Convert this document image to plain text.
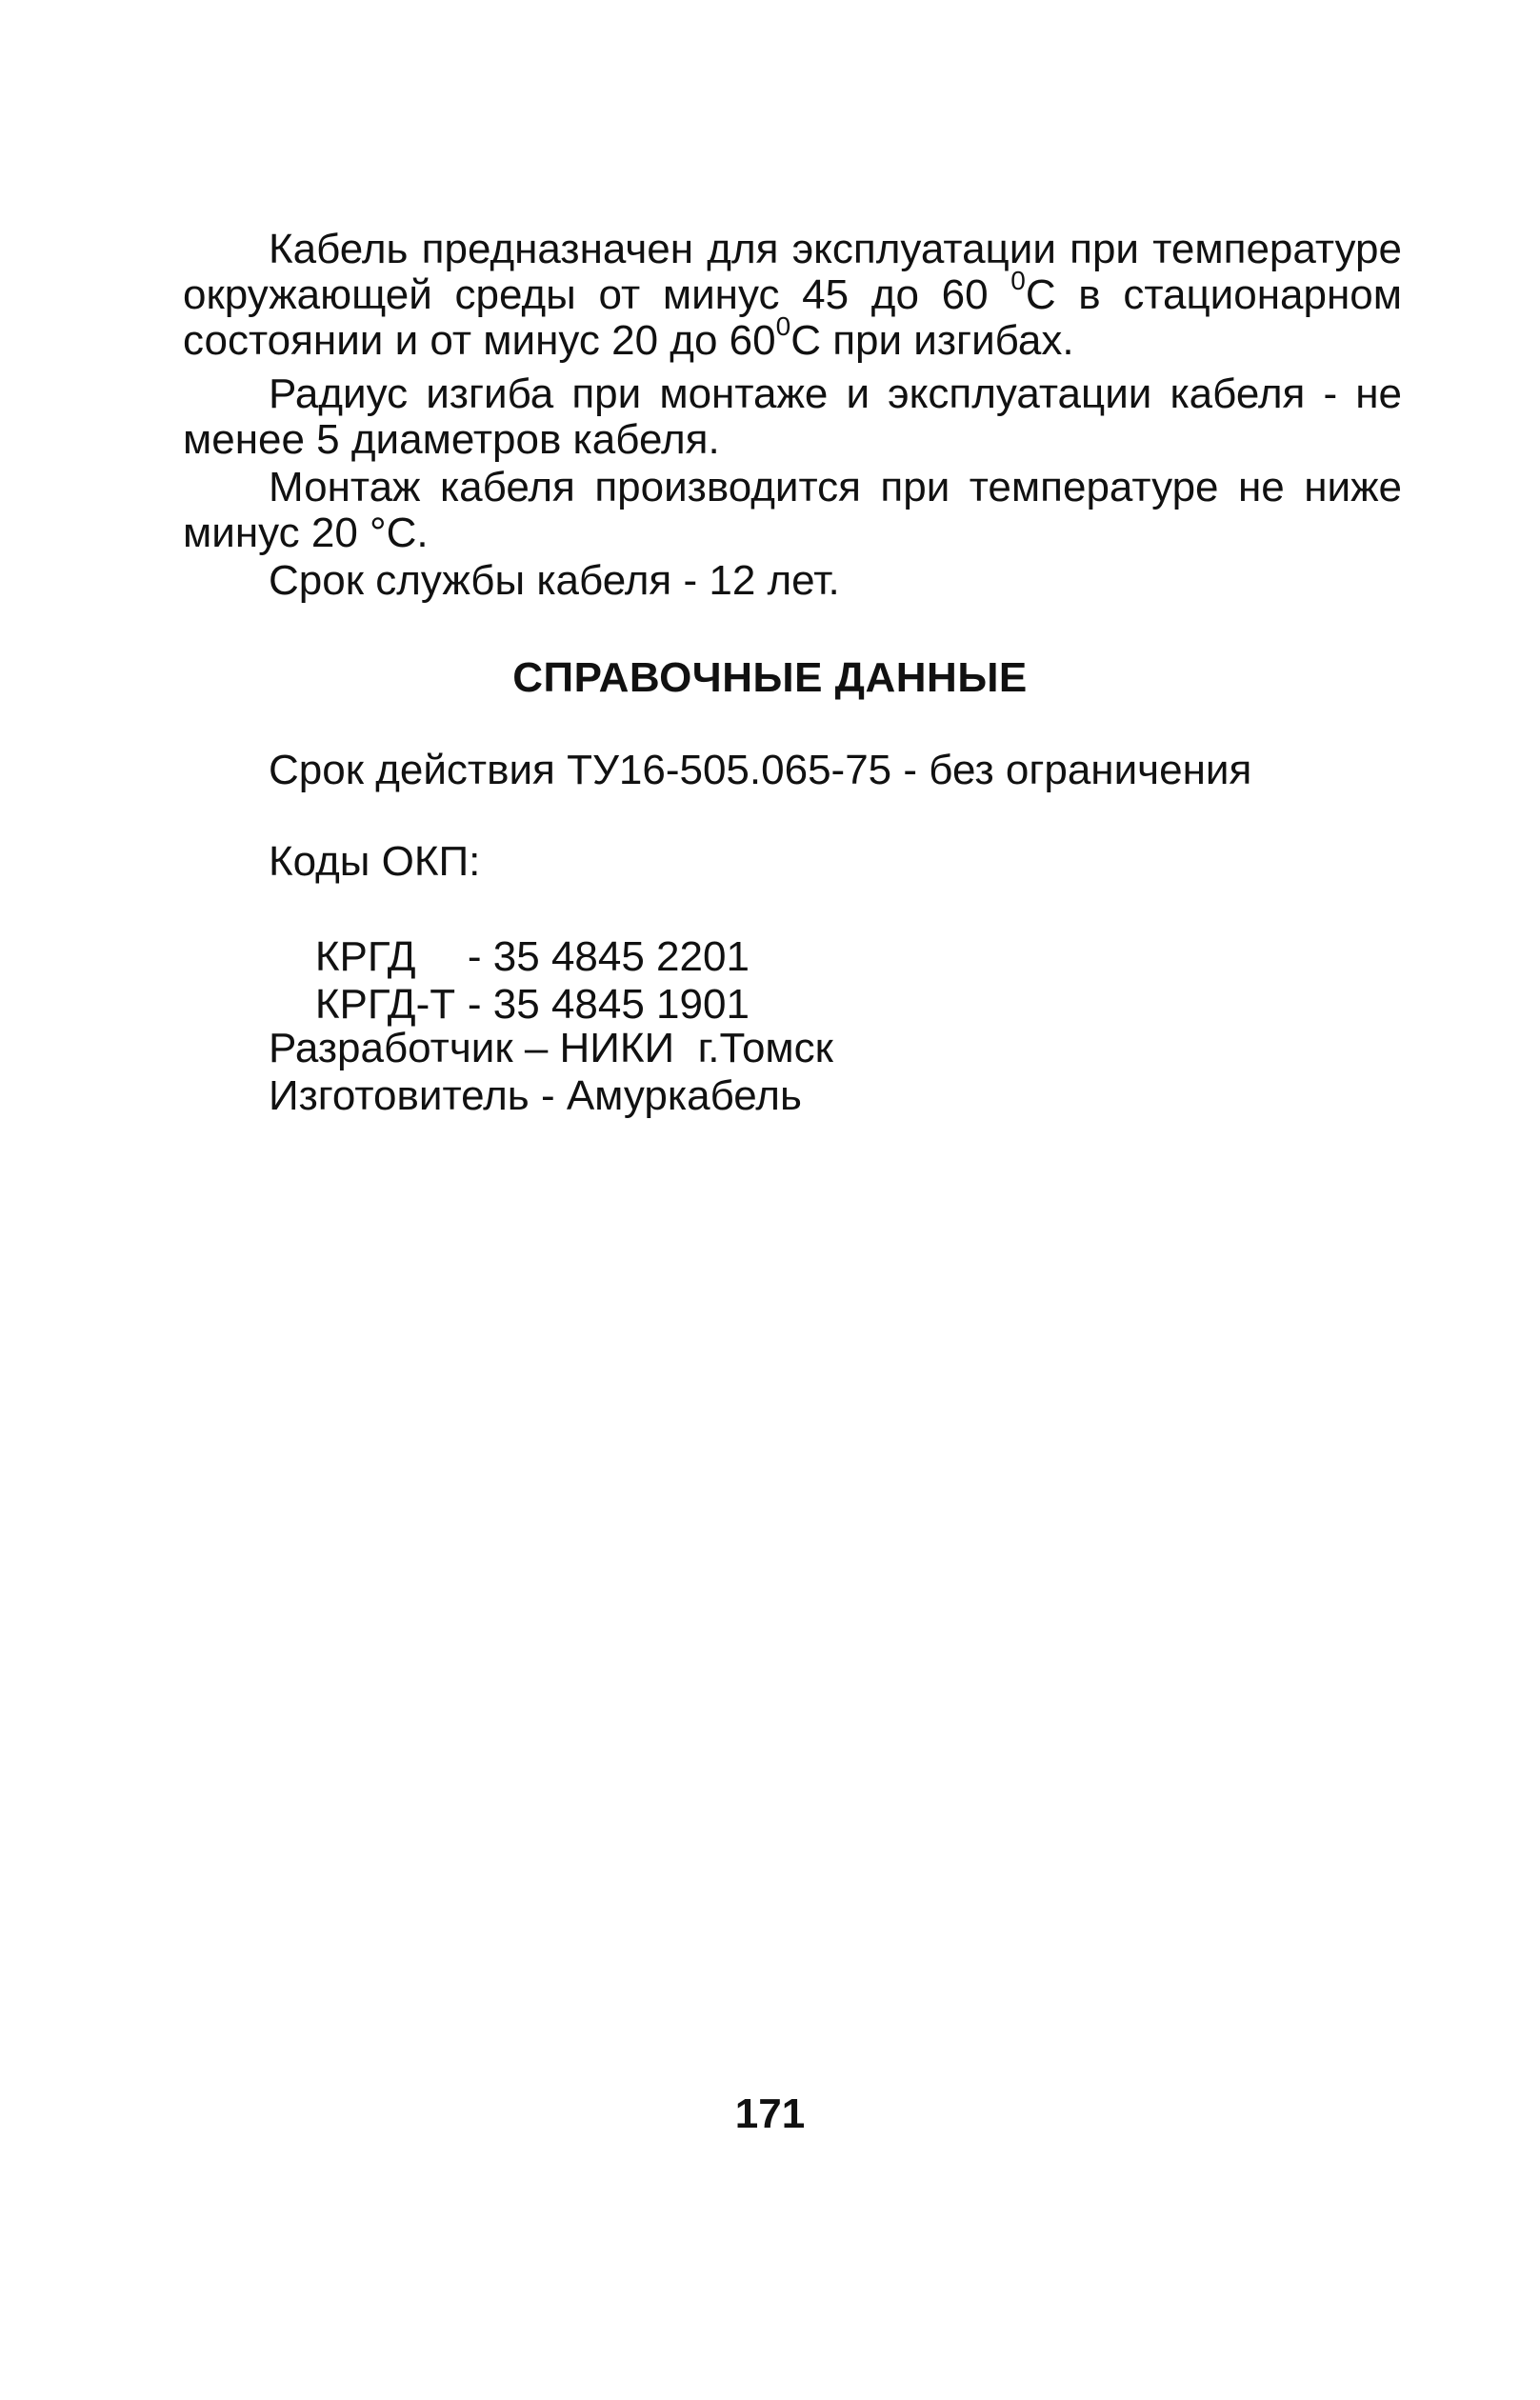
Кабель предназначен для эксплуатации при температуре
окружающей среды от минус 45 до 60 $^0$С в стационарном
состоянии и от минус 20 до $60^0С$ при изгибах.
Радиус изгиба при монтаже и эксплуатации кабеля - не
менее 5 диаметров кабеля.
Монтаж кабеля производится при температуре не ниже
минус 20 °С.
Срок службы кабеля - 12 лет.
СПРАВОЧНЫЕ ДАННЫЕ
Срок действия ТУ16-505.065-75 - без ограничения
Коды ОКП:

КРГД - 35 4845 2201

КРГД-Т - 35 4845 1901

Разработчик – НИКИ  г.Томск
Изготовитель - Амуркабель
171
